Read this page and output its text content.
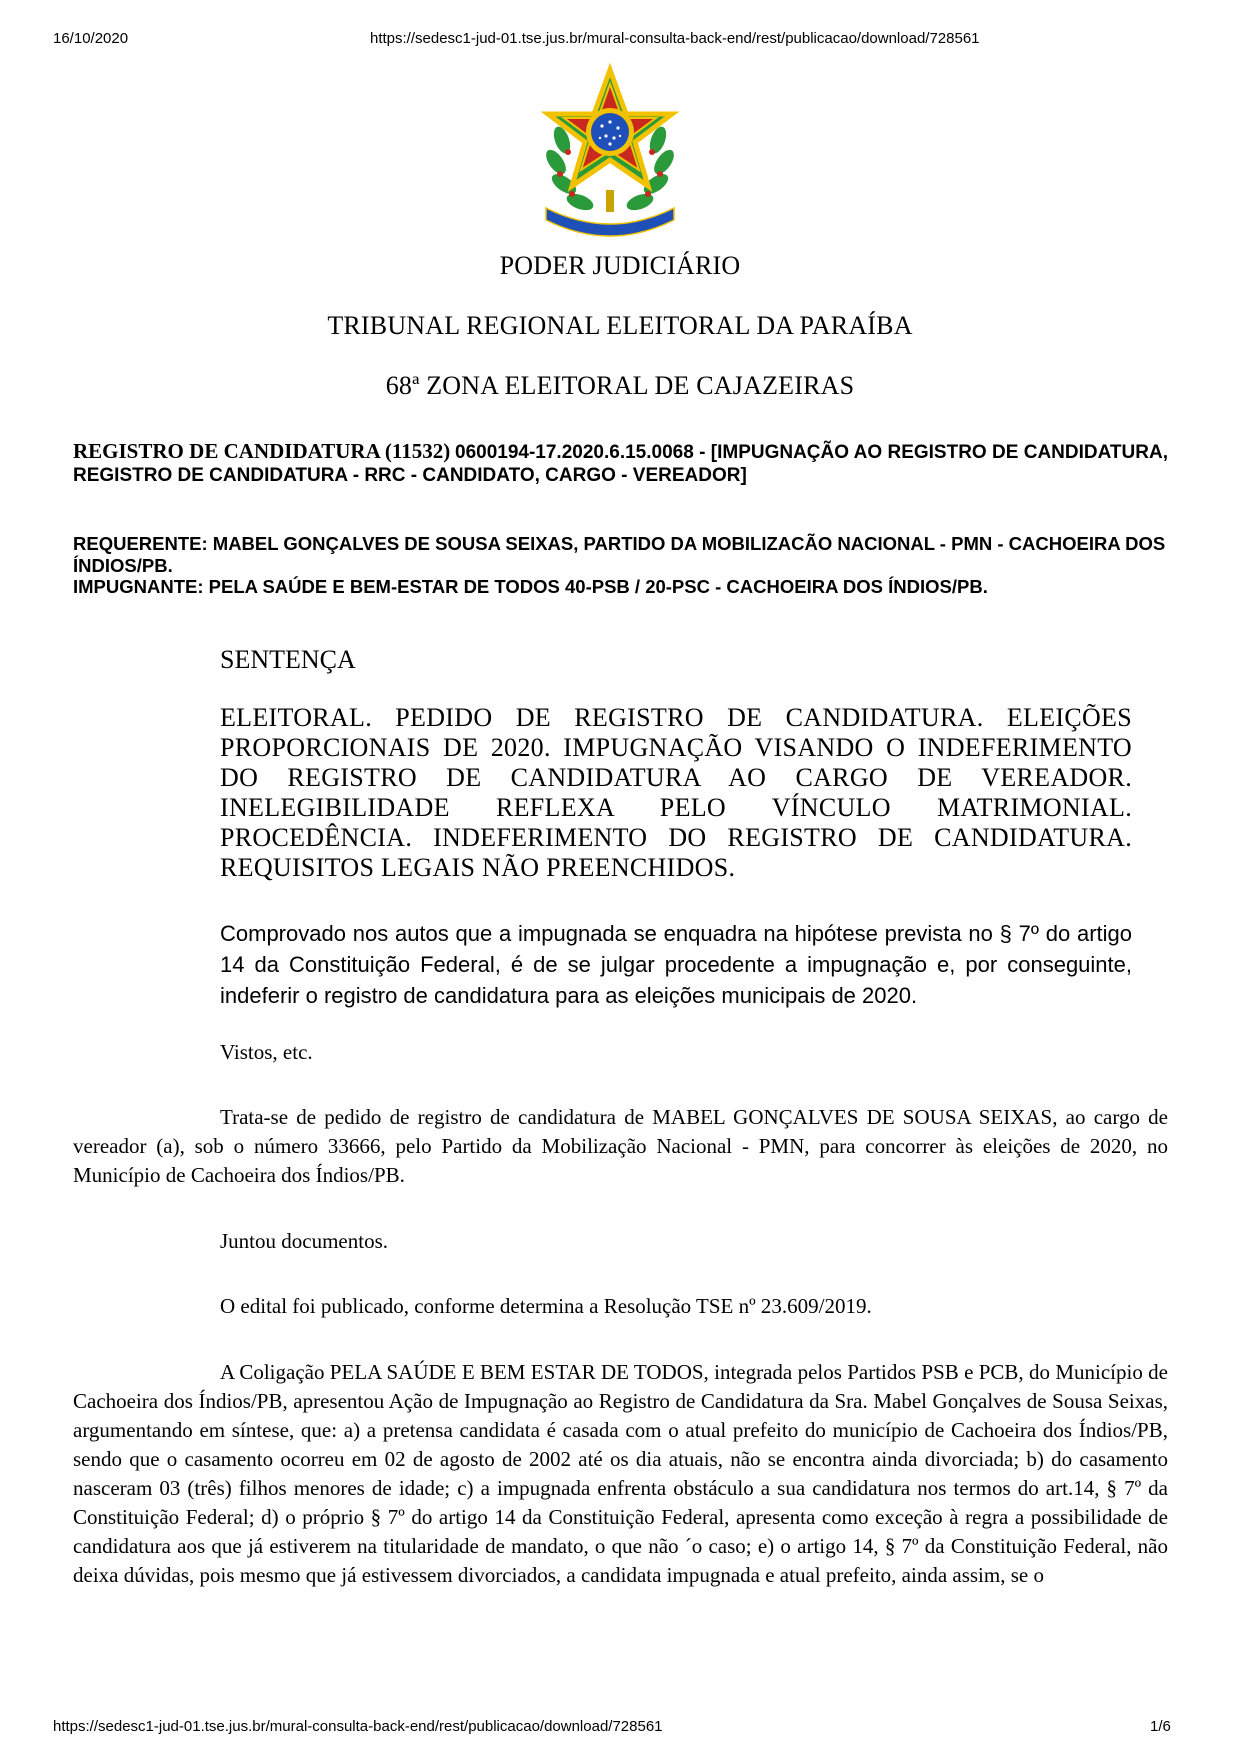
16/10/2020	https://sedesc1-jud-01.tse.jus.br/mural-consulta-back-end/rest/publicacao/download/728561
PODER JUDICIÁRIO
TRIBUNAL REGIONAL ELEITORAL DA PARAÍBA
68ª ZONA ELEITORAL DE CAJAZEIRAS
REGISTRO DE CANDIDATURA (11532) 0600194-17.2020.6.15.0068 - [IMPUGNAÇÃO AO REGISTRO DE CANDIDATURA, REGISTRO DE CANDIDATURA - RRC - CANDIDATO, CARGO - VEREADOR]
REQUERENTE: MABEL GONÇALVES DE SOUSA SEIXAS, PARTIDO DA MOBILIZACÃO NACIONAL - PMN - CACHOEIRA DOS ÍNDIOS/PB.
IMPUGNANTE: PELA SAÚDE E BEM-ESTAR DE TODOS 40-PSB / 20-PSC - CACHOEIRA DOS ÍNDIOS/PB.
SENTENÇA
ELEITORAL. PEDIDO DE REGISTRO DE CANDIDATURA. ELEIÇÕES PROPORCIONAIS DE 2020. IMPUGNAÇÃO VISANDO O INDEFERIMENTO DO REGISTRO DE CANDIDATURA AO CARGO DE VEREADOR. INELEGIBILIDADE REFLEXA PELO VÍNCULO MATRIMONIAL. PROCEDÊNCIA. INDEFERIMENTO DO REGISTRO DE CANDIDATURA. REQUISITOS LEGAIS NÃO PREENCHIDOS.
Comprovado nos autos que a impugnada se enquadra na hipótese prevista no § 7º do artigo 14 da Constituição Federal, é de se julgar procedente a impugnação e, por conseguinte, indeferir o registro de candidatura para as eleições municipais de 2020.
Vistos, etc.
Trata-se de pedido de registro de candidatura de MABEL GONÇALVES DE SOUSA SEIXAS, ao cargo de vereador (a), sob o número 33666, pelo Partido da Mobilização Nacional - PMN, para concorrer às eleições de 2020, no Município de Cachoeira dos Índios/PB.
Juntou documentos.
O edital foi publicado, conforme determina a Resolução TSE nº 23.609/2019.
A Coligação PELA SAÚDE E BEM ESTAR DE TODOS, integrada pelos Partidos PSB e PCB, do Município de Cachoeira dos Índios/PB, apresentou Ação de Impugnação ao Registro de Candidatura da Sra. Mabel Gonçalves de Sousa Seixas, argumentando em síntese, que: a) a pretensa candidata é casada com o atual prefeito do município de Cachoeira dos Índios/PB, sendo que o casamento ocorreu em 02 de agosto de 2002 até os dia atuais, não se encontra ainda divorciada; b) do casamento nasceram 03 (três) filhos menores de idade; c) a impugnada enfrenta obstáculo a sua candidatura nos termos do art.14, § 7º da Constituição Federal; d) o próprio § 7º do artigo 14 da Constituição Federal, apresenta como exceção à regra a possibilidade de candidatura aos que já estiverem na titularidade de mandato, o que não ´o caso; e) o artigo 14, § 7º da Constituição Federal, não deixa dúvidas, pois mesmo que já estivessem divorciados, a candidata impugnada e atual prefeito, ainda assim, se o
https://sedesc1-jud-01.tse.jus.br/mural-consulta-back-end/rest/publicacao/download/728561	1/6
